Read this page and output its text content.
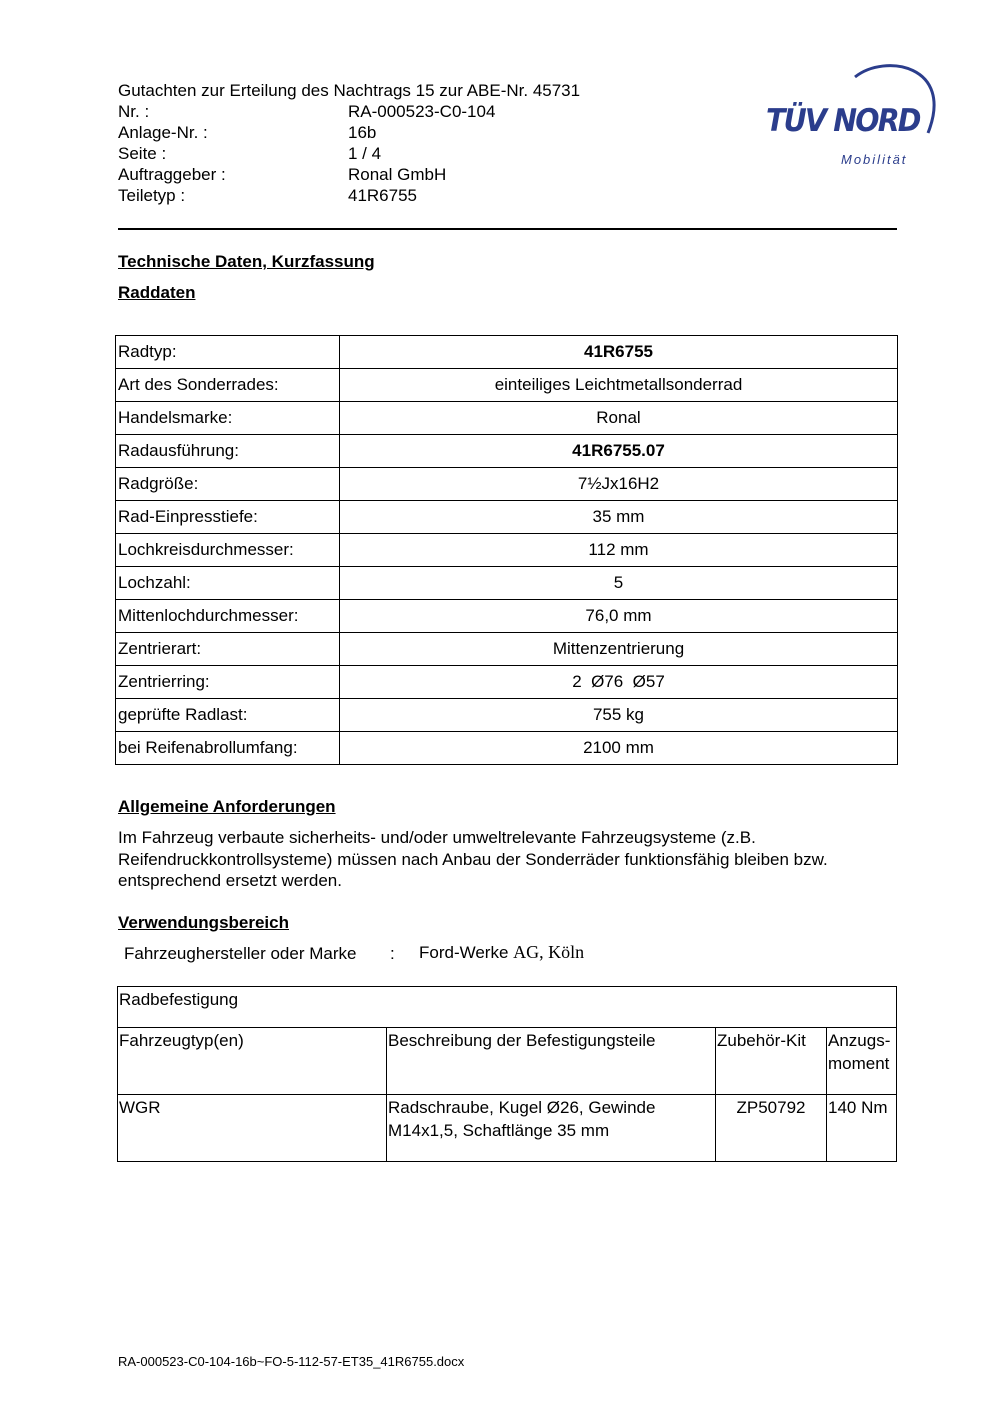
Gutachten zur Erteilung des Nachtrags 15 zur ABE-Nr. 45731
Nr. :	RA-000523-C0-104
Anlage-Nr. :	16b
Seite :	1 / 4
Auftraggeber :	Ronal GmbH
Teiletyp :	41R6755
TÜV NORD
Mobilität
Technische Daten, Kurzfassung
Raddaten
Radtyp:	41R6755
Art des Sonderrades:	einteiliges Leichtmetallsonderrad
Handelsmarke:	Ronal
Radausführung:	41R6755.07
Radgröße:	7½Jx16H2
Rad-Einpresstiefe:	35 mm
Lochkreisdurchmesser:	112 mm
Lochzahl:	5
Mittenlochdurchmesser:	76,0 mm
Zentrierart:	Mittenzentrierung
Zentrierring:	2  Ø76  Ø57
geprüfte Radlast:	755 kg
bei Reifenabrollumfang:	2100 mm
Allgemeine Anforderungen
Im Fahrzeug verbaute sicherheits- und/oder umweltrelevante Fahrzeugsysteme (z.B. Reifendruckkontrollsysteme) müssen nach Anbau der Sonderräder funktionsfähig bleiben bzw. entsprechend ersetzt werden.
Verwendungsbereich
Fahrzeughersteller oder Marke : Ford-Werke AG, Köln
Radbefestigung			
Fahrzeugtyp(en)	Beschreibung der Befestigungsteile	Zubehör-Kit	Anzugs-
moment

WGR	Radschraube, Kugel Ø26, Gewinde
M14x1,5, Schaftlänge 35 mm	ZP50792	140 Nm
RA-000523-C0-104-16b~FO-5-112-57-ET35_41R6755.docx
